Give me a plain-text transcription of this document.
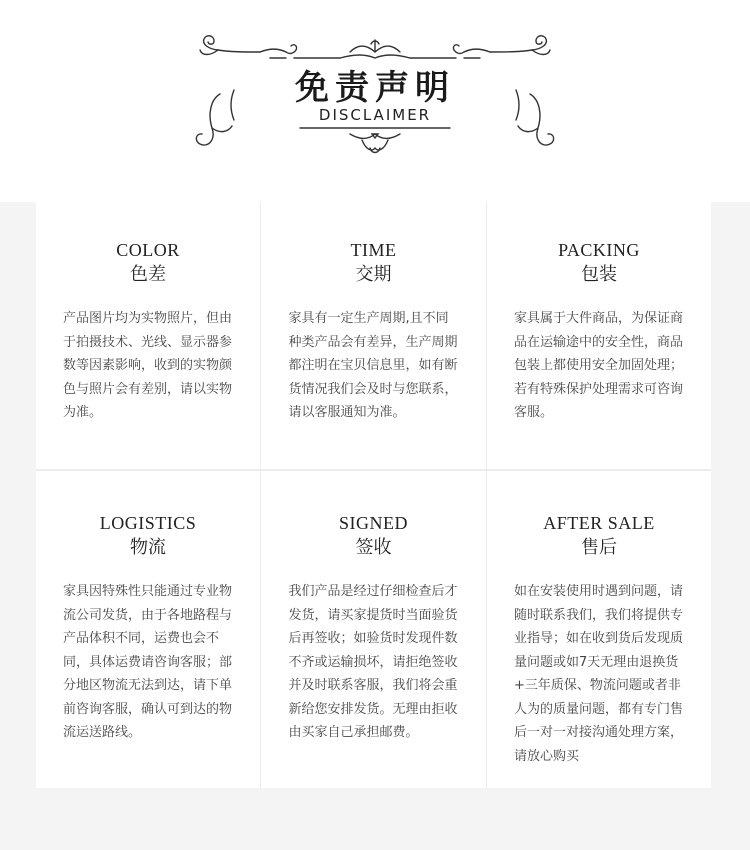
免责声明
DISCLAIMER
COLOR
色差
产品图片均为实物照片，但由于拍摄技术、光线、显示器参数等因素影响，收到的实物颜色与照片会有差别，请以实物为准。
TIME
交期
家具有一定生产周期,且不同种类产品会有差异，生产周期都注明在宝贝信息里，如有断货情况我们会及时与您联系，请以客服通知为准。
PACKING
包装
家具属于大件商品，为保证商品在运输途中的安全性，商品包装上都使用安全加固处理；若有特殊保护处理需求可咨询客服。
LOGISTICS
物流
家具因特殊性只能通过专业物流公司发货，由于各地路程与产品体积不同，运费也会不同，具体运费请咨询客服；部分地区物流无法到达，请下单前咨询客服，确认可到达的物流运送路线。
SIGNED
签收
我们产品是经过仔细检查后才发货，请买家提货时当面验货后再签收；如验货时发现件数不齐或运输损坏，请拒绝签收并及时联系客服，我们将会重新给您安排发货。无理由拒收由买家自己承担邮费。
AFTER SALE
售后
如在安装使用时遇到问题，请随时联系我们，我们将提供专业指导；如在收到货后发现质量问题或如7天无理由退换货+三年质保、物流问题或者非人为的质量问题，都有专门售后一对一对接沟通处理方案，请放心购买
